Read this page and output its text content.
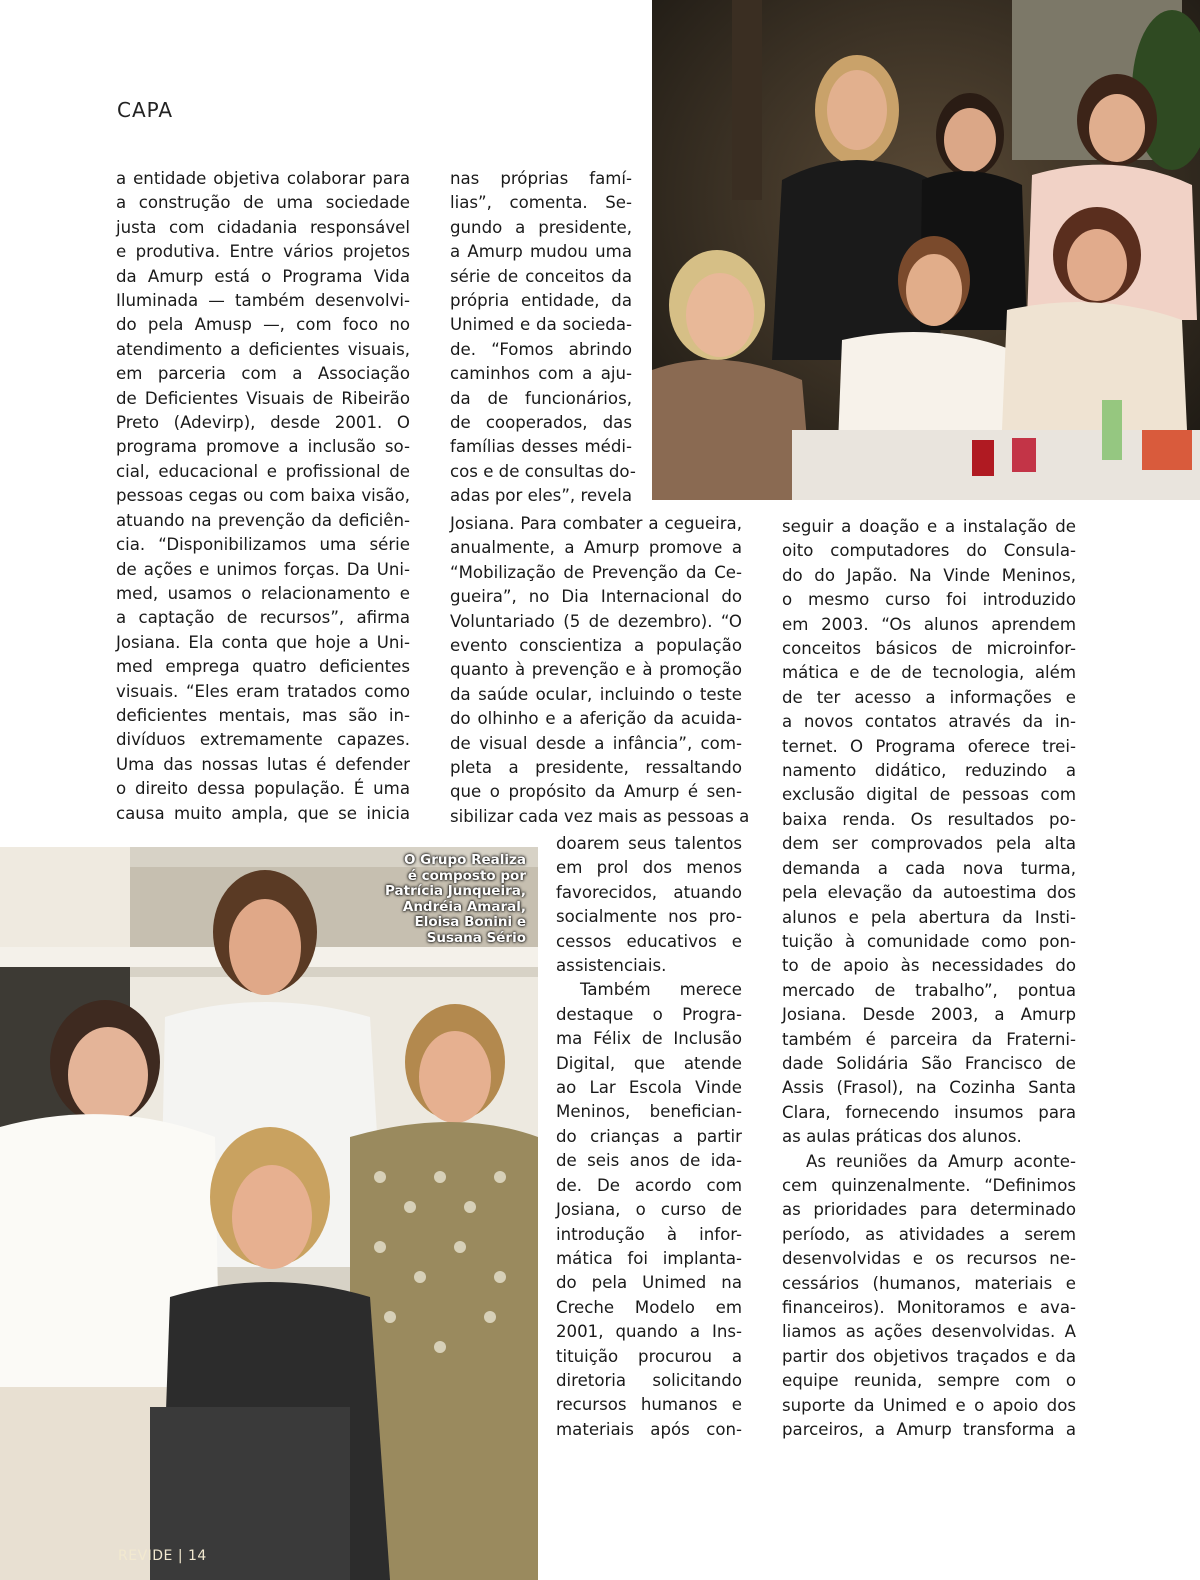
CAPA
O Grupo Realiza
é composto por
Patrícia Junqueira,
Andréia Amaral,
Eloisa Bonini e
Susana Sério
REVIDE | 14
a entidade objetiva colaborar para
a construção de uma sociedade
justa com cidadania responsável
e produtiva. Entre vários projetos
da Amurp está o Programa Vida
Iluminada — também desenvolvi-
do pela Amusp —, com foco no
atendimento a deficientes visuais,
em parceria com a Associação
de Deficientes Visuais de Ribeirão
Preto (Adevirp), desde 2001. O
programa promove a inclusão so-
cial, educacional e profissional de
pessoas cegas ou com baixa visão,
atuando na prevenção da deficiên-
cia. “Disponibilizamos uma série
de ações e unimos forças. Da Uni-
med, usamos o relacionamento e
a captação de recursos”, afirma
Josiana. Ela conta que hoje a Uni-
med emprega quatro deficientes
visuais. “Eles eram tratados como
deficientes mentais, mas são in-
divíduos extremamente capazes.
Uma das nossas lutas é defender
o direito dessa população. É uma
causa muito ampla, que se inicia
nas próprias famí-
lias”, comenta. Se-
gundo a presidente,
a Amurp mudou uma
série de conceitos da
própria entidade, da
Unimed e da socieda-
de. “Fomos abrindo
caminhos com a aju-
da de funcionários,
de cooperados, das
famílias desses médi-
cos e de consultas do-
adas por eles”, revela
Josiana. Para combater a cegueira,
anualmente, a Amurp promove a
“Mobilização de Prevenção da Ce-
gueira”, no Dia Internacional do
Voluntariado (5 de dezembro). “O
evento conscientiza a população
quanto à prevenção e à promoção
da saúde ocular, incluindo o teste
do olhinho e a aferição da acuida-
de visual desde a infância”, com-
pleta a presidente, ressaltando
que o propósito da Amurp é sen-
sibilizar cada vez mais as pessoas a
doarem seus talentos
em prol dos menos
favorecidos, atuando
socialmente nos pro-
cessos educativos e
assistenciais.
Também merece
destaque o Progra-
ma Félix de Inclusão
Digital, que atende
ao Lar Escola Vinde
Meninos, benefician-
do crianças a partir
de seis anos de ida-
de. De acordo com
Josiana, o curso de
introdução à infor-
mática foi implanta-
do pela Unimed na
Creche Modelo em
2001, quando a Ins-
tituição procurou a
diretoria solicitando
recursos humanos e
materiais após con-
seguir a doação e a instalação de
oito computadores do Consula-
do do Japão. Na Vinde Meninos,
o mesmo curso foi introduzido
em 2003. “Os alunos aprendem
conceitos básicos de microinfor-
mática e de de tecnologia, além
de ter acesso a informações e
a novos contatos através da in-
ternet. O Programa oferece trei-
namento didático, reduzindo a
exclusão digital de pessoas com
baixa renda. Os resultados po-
dem ser comprovados pela alta
demanda a cada nova turma,
pela elevação da autoestima dos
alunos e pela abertura da Insti-
tuição à comunidade como pon-
to de apoio às necessidades do
mercado de trabalho”, pontua
Josiana. Desde 2003, a Amurp
também é parceira da Fraterni-
dade Solidária São Francisco de
Assis (Frasol), na Cozinha Santa
Clara, fornecendo insumos para
as aulas práticas dos alunos.
As reuniões da Amurp aconte-
cem quinzenalmente. “Definimos
as prioridades para determinado
período, as atividades a serem
desenvolvidas e os recursos ne-
cessários (humanos, materiais e
financeiros). Monitoramos e ava-
liamos as ações desenvolvidas. A
partir dos objetivos traçados e da
equipe reunida, sempre com o
suporte da Unimed e o apoio dos
parceiros, a Amurp transforma a
